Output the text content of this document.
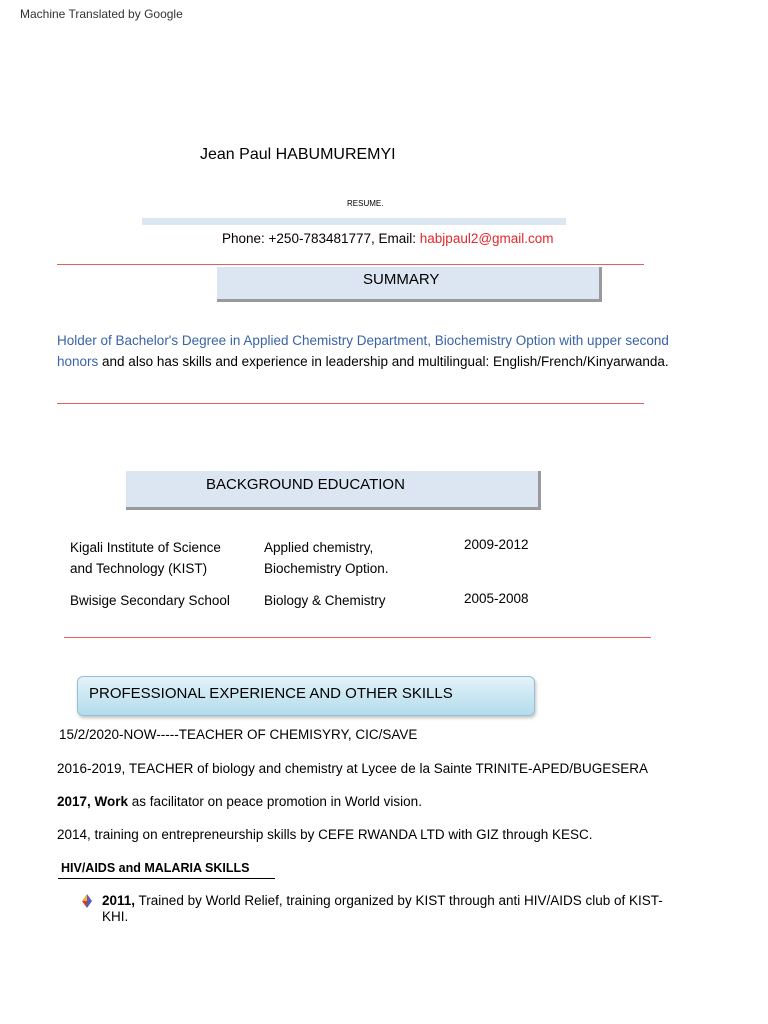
Machine Translated by Google
Jean Paul HABUMUREMYI
RESUME.
Phone: +250-783481777, Email: habjpaul2@gmail.com
SUMMARY
Holder of Bachelor's Degree in Applied Chemistry Department, Biochemistry Option with upper second honors and also has skills and experience in leadership and multilingual: English/French/Kinyarwanda.
BACKGROUND EDUCATION
Kigali Institute of Science and Technology (KIST)
Applied chemistry, Biochemistry Option.
2009-2012
Bwisige Secondary School	Biology & Chemistry	2005-2008
PROFESSIONAL EXPERIENCE AND OTHER SKILLS
15/2/2020-NOW-----TEACHER OF CHEMISYRY, CIC/SAVE
2016-2019, TEACHER of biology and chemistry at Lycee de la Sainte TRINITE-APED/BUGESERA
2017, Work as facilitator on peace promotion in World vision.
2014, training on entrepreneurship skills by CEFE RWANDA LTD with GIZ through KESC.
HIV/AIDS and MALARIA SKILLS
2011, Trained by World Relief, training organized by KIST through anti HIV/AIDS club of KIST-KHI.
